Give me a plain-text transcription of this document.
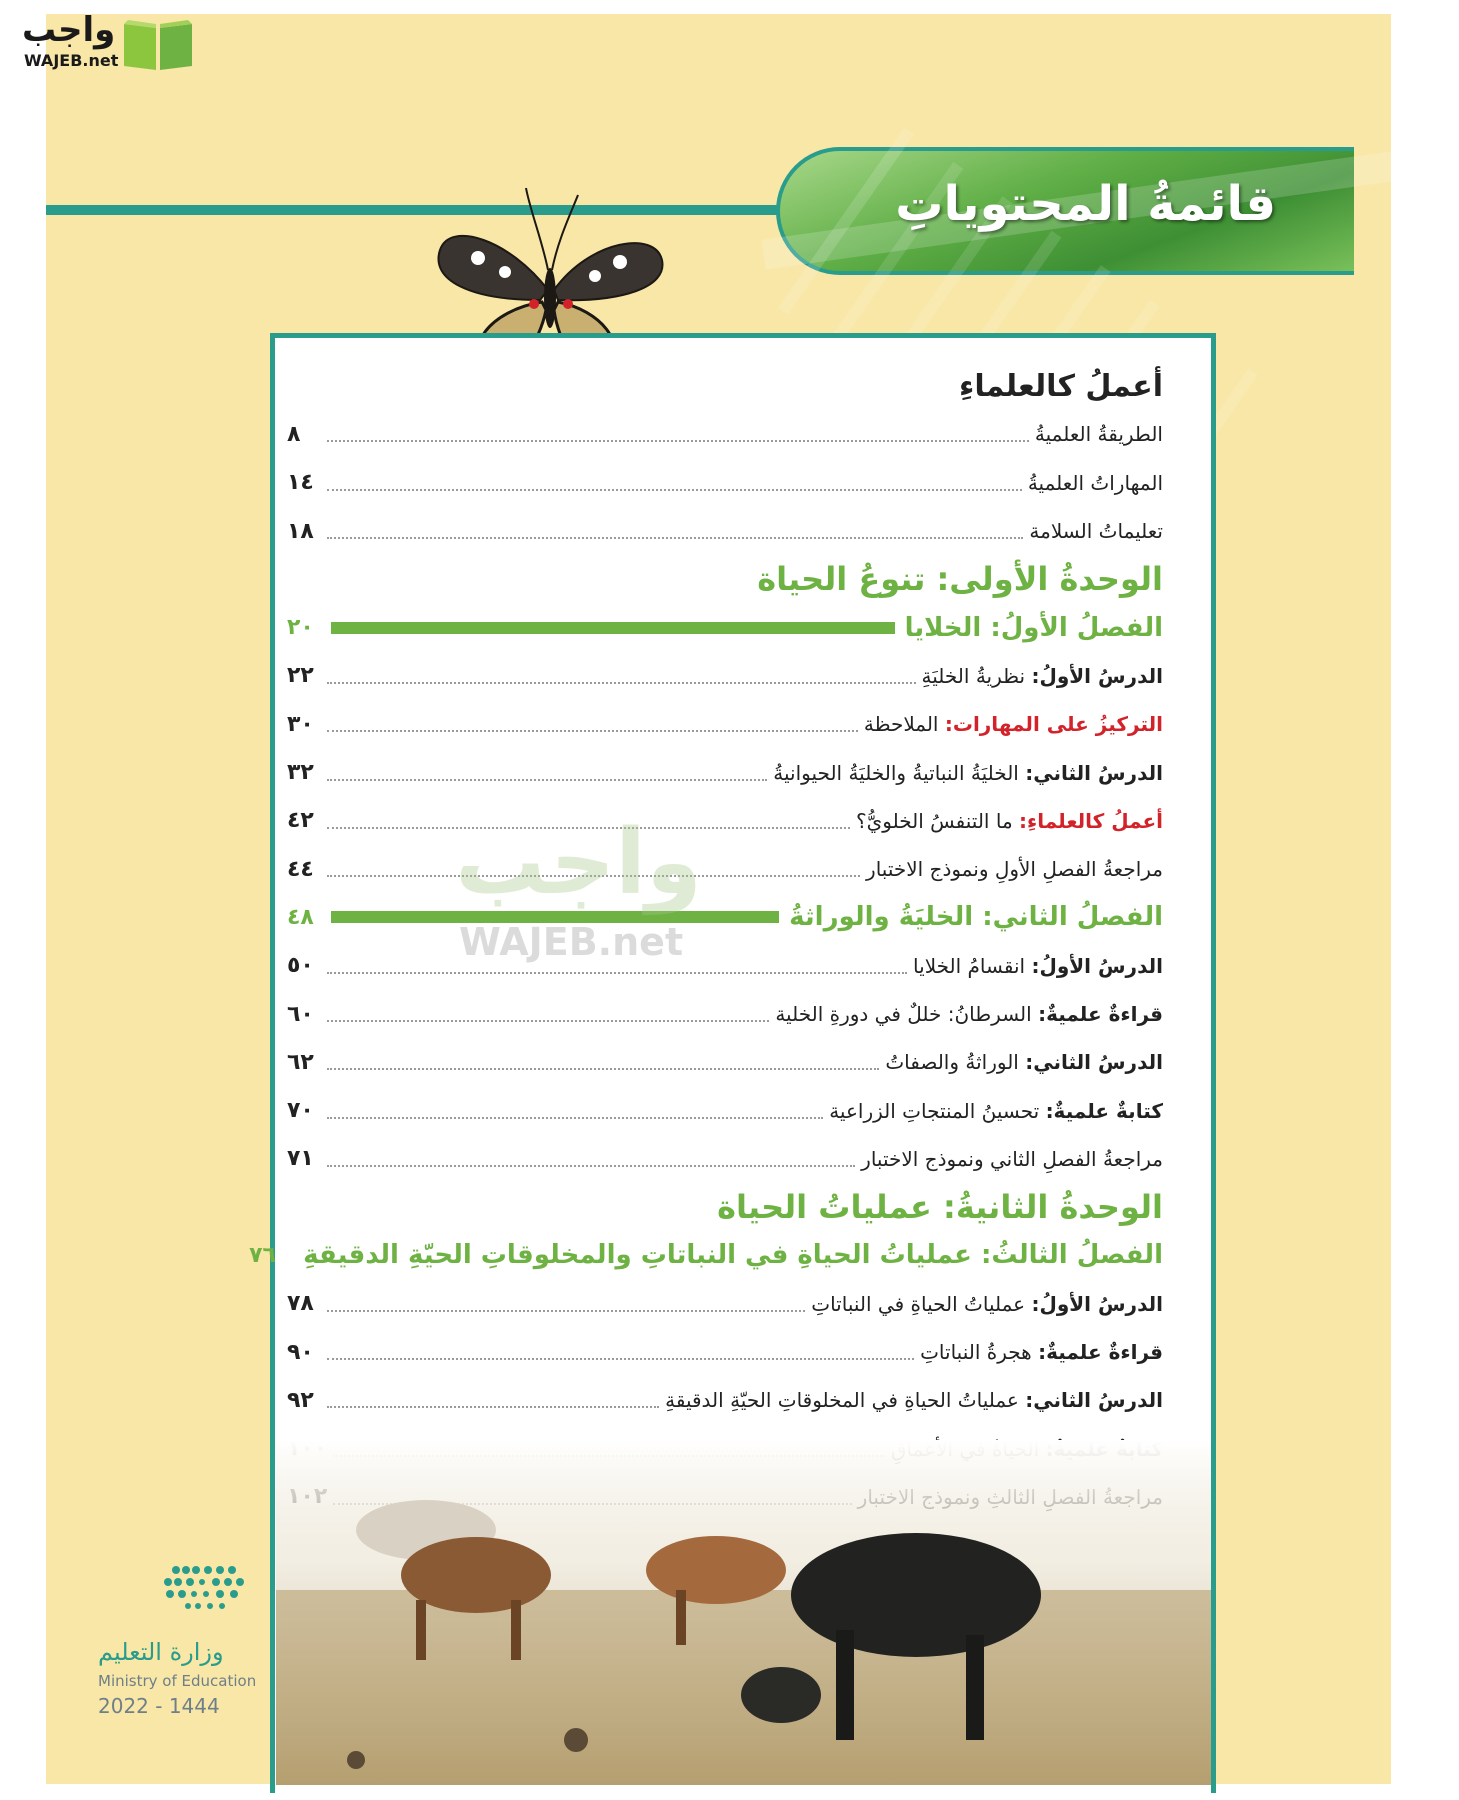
واجب
WAJEB.net
قائمةُ المحتوياتِ
أعملُ كالعلماءِ
الطريقةُ العلميةُ
٨
المهاراتُ العلميةُ
١٤
تعليماتُ السلامة
١٨
الوحدةُ الأولى: تنوعُ الحياة
الفصلُ الأولُ: الخلايا
٢٠
الدرسُ الأولُ: نظريةُ الخليَةِ
٢٢
التركيزُ على المهارات: الملاحظة
٣٠
الدرسُ الثاني: الخليَةُ النباتيةُ والخليَةُ الحيوانيةُ
٣٢
أعملُ كالعلماءِ: ما التنفسُ الخلويُّ؟
٤٢
مراجعةُ الفصلِ الأولِ ونموذج الاختبار
٤٤
الفصلُ الثاني: الخليَةُ والوراثةُ
٤٨
الدرسُ الأولُ: انقسامُ الخلايا
٥٠
قراءةٌ علميةٌ: السرطانُ: خللٌ في دورةِ الخلية
٦٠
الدرسُ الثاني: الوراثةُ والصفاتُ
٦٢
كتابةٌ علميةٌ: تحسينُ المنتجاتِ الزراعية
٧٠
مراجعةُ الفصلِ الثاني ونموذج الاختبار
٧١
الوحدةُ الثانيةُ: عملياتُ الحياة
الفصلُ الثالثُ: عملياتُ الحياةِ في النباتاتِ والمخلوقاتِ الحيّةِ الدقيقةِ
٧٦
الدرسُ الأولُ: عملياتُ الحياةِ في النباتاتِ
٧٨
قراءةٌ علميةٌ: هجرةُ النباتاتِ
٩٠
الدرسُ الثاني: عملياتُ الحياةِ في المخلوقاتِ الحيّةِ الدقيقةِ
٩٢
واجب
WAJEB.net
وزارة التعليم
Ministry of Education
2022 - 1444
